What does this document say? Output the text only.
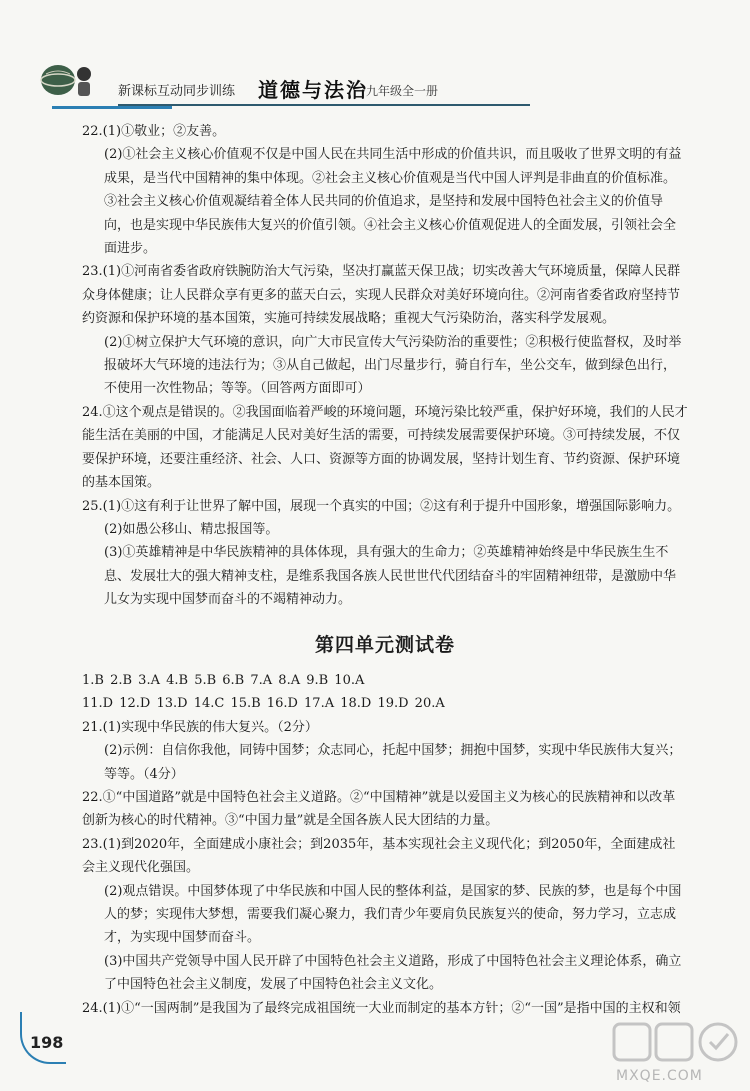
新课标互动同步训练 道德与法治
九年级全一册

22.(1)①敬业；②友善。

(2)①社会主义核心价值观不仅是中国人民在共同生活中形成的价值共识，而且吸收了世界文明的有益成果，是当代中国精神的集中体现。②社会主义核心价值观是当代中国人评判是非曲直的价值标准。③社会主义核心价值观凝结着全体人民共同的价值追求，是坚持和发展中国特色社会主义的价值导向，也是实现中华民族伟大复兴的价值引领。④社会主义核心价值观促进人的全面发展，引领社会全面进步。

23.(1)①河南省委省政府铁腕防治大气污染，坚决打赢蓝天保卫战；切实改善大气环境质量，保障人民群众身体健康；让人民群众享有更多的蓝天白云，实现人民群众对美好环境向往。②河南省委省政府坚持节约资源和保护环境的基本国策，实施可持续发展战略；重视大气污染防治，落实科学发展观。

(2)①树立保护大气环境的意识，向广大市民宣传大气污染防治的重要性；②积极行使监督权，及时举报破坏大气环境的违法行为；③从自己做起，出门尽量步行，骑自行车，坐公交车，做到绿色出行，不使用一次性物品；等等。（回答两方面即可）

24.①这个观点是错误的。②我国面临着严峻的环境问题，环境污染比较严重，保护好环境，我们的人民才能生活在美丽的中国，才能满足人民对美好生活的需要，可持续发展需要保护环境。③可持续发展，不仅要保护环境，还要注重经济、社会、人口、资源等方面的协调发展，坚持计划生育、节约资源、保护环境的基本国策。

25.(1)①这有利于让世界了解中国，展现一个真实的中国；②这有利于提升中国形象，增强国际影响力。

(2)如愚公移山、精忠报国等。

(3)①英雄精神是中华民族精神的具体体现，具有强大的生命力；②英雄精神始终是中华民族生生不息、发展壮大的强大精神支柱，是维系我国各族人民世世代代团结奋斗的牢固精神纽带，是激励中华儿女为实现中国梦而奋斗的不竭精神动力。

第四单元测试卷

1.B 2.B 3.A 4.B 5.B 6.B 7.A 8.A 9.B 10.A

11.D 12.D 13.D 14.C 15.B 16.D 17.A 18.D 19.D 20.A

21.(1)实现中华民族的伟大复兴。（2分）

(2)示例：自信你我他，同铸中国梦；众志同心，托起中国梦；拥抱中国梦，实现中华民族伟大复兴；等等。（4分）

22.①“中国道路”就是中国特色社会主义道路。②“中国精神”就是以爱国主义为核心的民族精神和以改革创新为核心的时代精神。③“中国力量”就是全国各族人民大团结的力量。

23.(1)到2020年，全面建成小康社会；到2035年，基本实现社会主义现代化；到2050年，全面建成社会主义现代化强国。

(2)观点错误。中国梦体现了中华民族和中国人民的整体利益，是国家的梦、民族的梦，也是每个中国人的梦；实现伟大梦想，需要我们凝心聚力，我们青少年要肩负民族复兴的使命，努力学习，立志成才，为实现中国梦而奋斗。

(3)中国共产党领导中国人民开辟了中国特色社会主义道路，形成了中国特色社会主义理论体系，确立了中国特色社会主义制度，发展了中国特色社会主义文化。

24.(1)①“一国两制”是我国为了最终完成祖国统一大业而制定的基本方针；②“一国”是指中国的主权和领

198
MXQE.COM
